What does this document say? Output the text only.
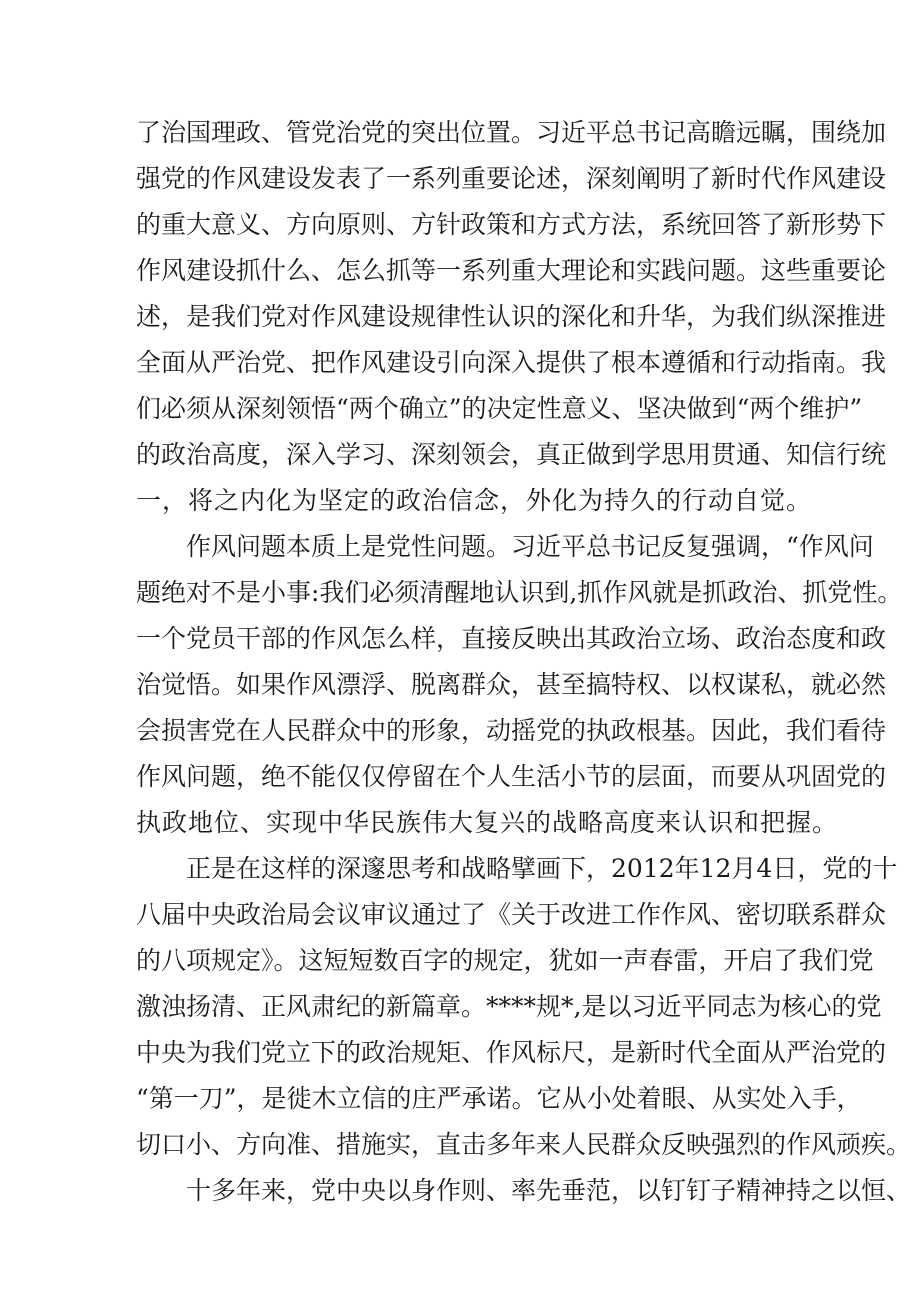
了治国理政、管党治党的突出位置。习近平总书记高瞻远瞩，围绕加
强党的作风建设发表了一系列重要论述，深刻阐明了新时代作风建设
的重大意义、方向原则、方针政策和方式方法，系统回答了新形势下
作风建设抓什么、怎么抓等一系列重大理论和实践问题。这些重要论
述，是我们党对作风建设规律性认识的深化和升华，为我们纵深推进
全面从严治党、把作风建设引向深入提供了根本遵循和行动指南。我
们必须从深刻领悟“两个确立”的决定性意义、坚决做到“两个维护”
的政治高度，深入学习、深刻领会，真正做到学思用贯通、知信行统
一，将之内化为坚定的政治信念，外化为持久的行动自觉。
作风问题本质上是党性问题。习近平总书记反复强调，“作风问
题绝对不是小事:我们必须清醒地认识到,抓作风就是抓政治、抓党性。
一个党员干部的作风怎么样，直接反映出其政治立场、政治态度和政
治觉悟。如果作风漂浮、脱离群众，甚至搞特权、以权谋私，就必然
会损害党在人民群众中的形象，动摇党的执政根基。因此，我们看待
作风问题，绝不能仅仅停留在个人生活小节的层面，而要从巩固党的
执政地位、实现中华民族伟大复兴的战略高度来认识和把握。
正是在这样的深邃思考和战略擘画下，2012年12月4日，党的十
八届中央政治局会议审议通过了《关于改进工作作风、密切联系群众
的八项规定》。这短短数百字的规定，犹如一声春雷，开启了我们党
激浊扬清、正风肃纪的新篇章。****规*,是以习近平同志为核心的党
中央为我们党立下的政治规矩、作风标尺，是新时代全面从严治党的
“第一刀”，是徙木立信的庄严承诺。它从小处着眼、从实处入手，
切口小、方向准、措施实，直击多年来人民群众反映强烈的作风顽疾。
十多年来，党中央以身作则、率先垂范，以钉钉子精神持之以恒、
